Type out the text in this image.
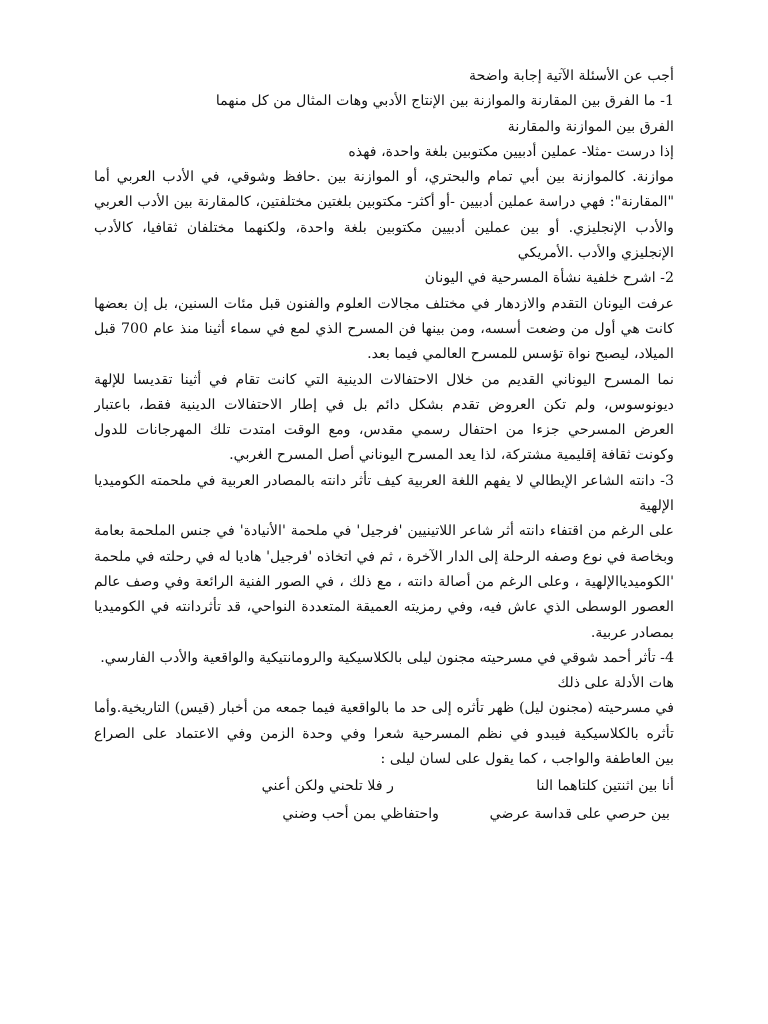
أجب عن الأسئلة الآتية إجابة واضحة
1- ما الفرق بين المقارنة والموازنة بين الإنتاج الأدبي وهات المثال من كل منهما
الفرق بين الموازنة والمقارنة
إذا درست -مثلا- عملين أدبيين مكتوبين بلغة واحدة، فهذه
موازنة. كالموازنة بين أبي تمام والبحتري، أو الموازنة بين .حافظ وشوقي، في الأدب العربي أما
"المقارنة": فهي دراسة عملين أدبيين -أو أكثر- مكتوبين بلغتين مختلفتين، كالمقارنة بين الأدب العربي
والأدب الإنجليزي. أو بين عملين أدبيين مكتوبين بلغة واحدة، ولكنهما مختلفان ثقافيا، كالأدب
الإنجليزي والأدب .الأمريكي
2- اشرح خلفية نشأة المسرحية في اليونان
عرفت اليونان التقدم والازدهار في مختلف مجالات العلوم والفنون قبل مئات السنين، بل إن بعضها
كانت هي أول من وضعت أسسه، ومن بينها فن المسرح الذي لمع في سماء أثينا منذ عام 700 قبل
الميلاد، ليصبح نواة تؤسس للمسرح العالمي فيما بعد.
نما المسرح اليوناني القديم من خلال الاحتفالات الدينية التي كانت تقام في أثينا تقديسا للإلهة
ديونوسوس، ولم تكن العروض تقدم بشكل دائم بل في إطار الاحتفالات الدينية فقط، باعتبار
العرض المسرحي جزءا من احتفال رسمي مقدس، ومع الوقت امتدت تلك المهرجانات للدول
وكونت ثقافة إقليمية مشتركة، لذا يعد المسرح اليوناني أصل المسرح الغربي.
3- دانته الشاعر الإيطالي لا يفهم اللغة العربية كيف تأثر دانته بالمصادر العربية في ملحمته الكوميديا
الإلهية
على الرغم من اقتفاء دانته أثر شاعر اللاتينيين 'فرجيل' في ملحمة 'الأنيادة' في جنس الملحمة بعامة
وبخاصة في نوع وصفه الرحلة إلى الدار الآخرة ، ثم في اتخاذه 'فرجيل' هاديا له في رحلته في ملحمة
'الكوميدياالإلهية ، وعلى الرغم من أصالة دانته ، مع ذلك ، في الصور الفنية الرائعة وفي وصف عالم
العصور الوسطى الذي عاش فيه، وفي رمزيته العميقة المتعددة النواحي، قد تأثردانته في الكوميديا
بمصادر عربية.
4- تأثر أحمد شوقي في مسرحيته مجنون ليلى بالكلاسيكية والرومانتيكية والواقعية والأدب الفارسي.
هات الأدلة على ذلك
في مسرحيته (مجنون ليل) ظهر تأثره إلى حد ما بالواقعية فيما جمعه من أخبار (قيس) التاريخية.وأما
تأثره بالكلاسيكية فيبدو في نظم المسرحية شعرا وفي وحدة الزمن وفي الاعتماد على الصراع
بين العاطفة والواجب ، كما يقول على لسان ليلى :
أنا بين اثنتين كلتاهما النا
ر فلا تلحني ولكن أعني
بين حرصي على قداسة عرضي
واحتفاظي بمن أحب وضني
